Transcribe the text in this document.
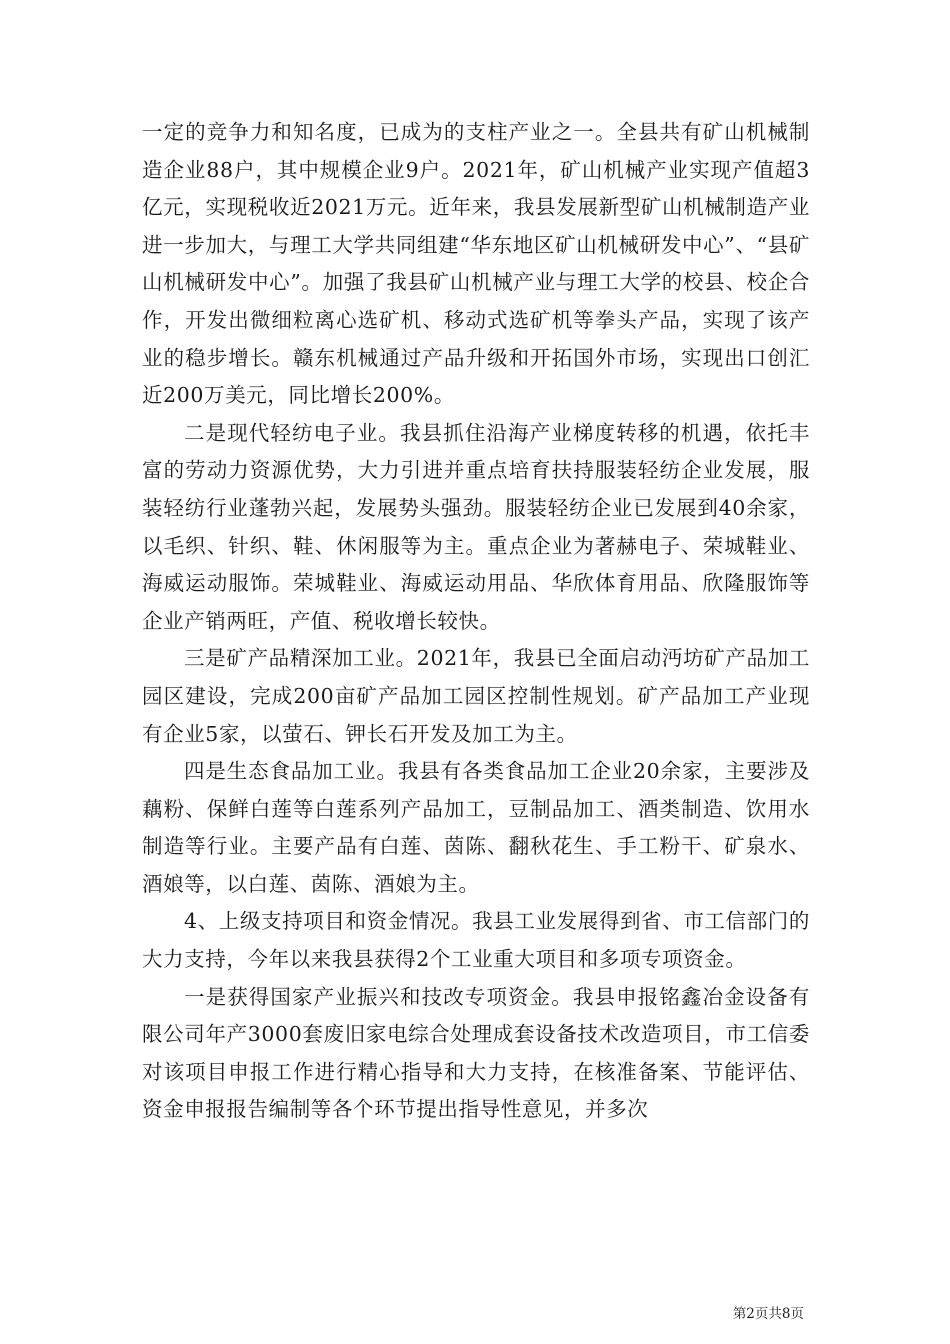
一定的竞争力和知名度，已成为的支柱产业之一。全县共有矿山机械制造企业88户，其中规模企业9户。2021年，矿山机械产业实现产值超3亿元，实现税收近2021万元。近年来，我县发展新型矿山机械制造产业进一步加大，与理工大学共同组建“华东地区矿山机械研发中心”、“县矿山机械研发中心”。加强了我县矿山机械产业与理工大学的校县、校企合作，开发出微细粒离心选矿机、移动式选矿机等拳头产品，实现了该产业的稳步增长。赣东机械通过产品升级和开拓国外市场，实现出口创汇近200万美元，同比增长200%。

二是现代轻纺电子业。我县抓住沿海产业梯度转移的机遇，依托丰富的劳动力资源优势，大力引进并重点培育扶持服装轻纺企业发展，服装轻纺行业蓬勃兴起，发展势头强劲。服装轻纺企业已发展到40余家，以毛织、针织、鞋、休闲服等为主。重点企业为著赫电子、荣城鞋业、海威运动服饰。荣城鞋业、海威运动用品、华欣体育用品、欣隆服饰等企业产销两旺，产值、税收增长较快。

三是矿产品精深加工业。2021年，我县已全面启动沔坊矿产品加工园区建设，完成200亩矿产品加工园区控制性规划。矿产品加工产业现有企业5家，以萤石、钾长石开发及加工为主。

四是生态食品加工业。我县有各类食品加工企业20余家，主要涉及藕粉、保鲜白莲等白莲系列产品加工，豆制品加工、酒类制造、饮用水制造等行业。主要产品有白莲、茵陈、翻秋花生、手工粉干、矿泉水、酒娘等，以白莲、茵陈、酒娘为主。

4、上级支持项目和资金情况。我县工业发展得到省、市工信部门的大力支持，今年以来我县获得2个工业重大项目和多项专项资金。

一是获得国家产业振兴和技改专项资金。我县申报铭鑫冶金设备有限公司年产3000套废旧家电综合处理成套设备技术改造项目，市工信委对该项目申报工作进行精心指导和大力支持，在核准备案、节能评估、资金申报报告编制等各个环节提出指导性意见，并多次

第2页共8页
